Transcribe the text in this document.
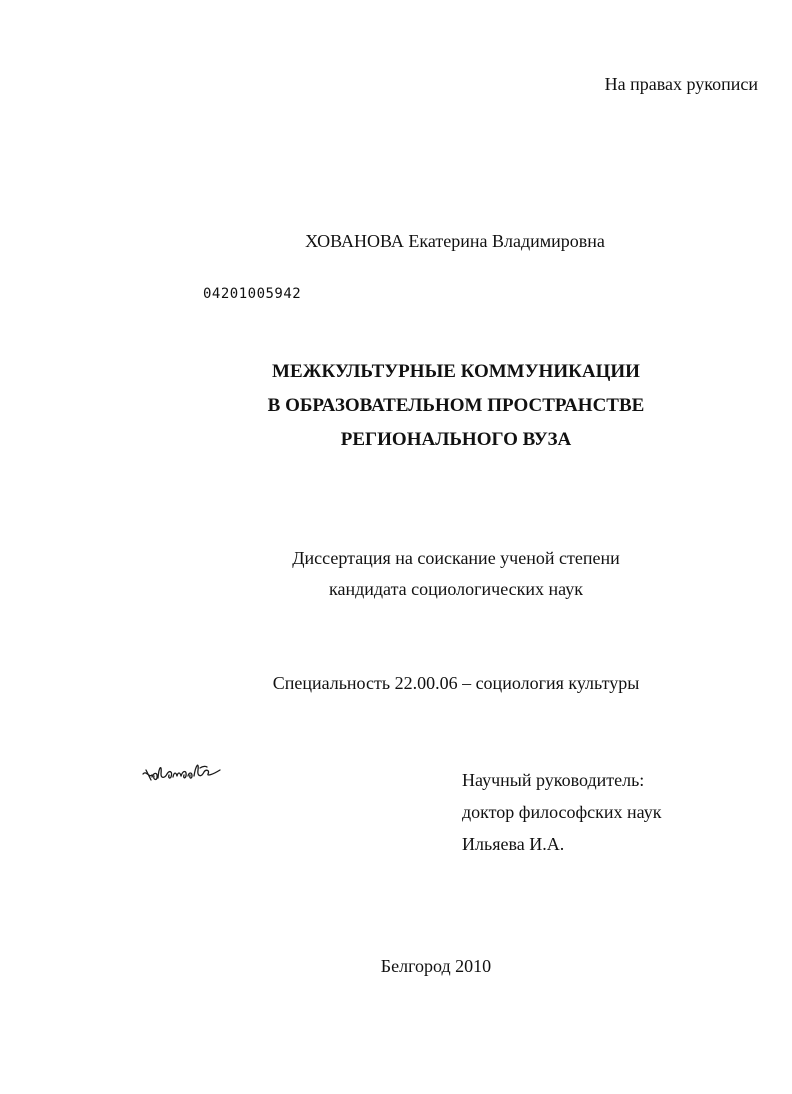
На правах рукописи

ХОВАНОВА Екатерина Владимировна

04201005942

МЕЖКУЛЬТУРНЫЕ КОММУНИКАЦИИ
В ОБРАЗОВАТЕЛЬНОМ ПРОСТРАНСТВЕ
РЕГИОНАЛЬНОГО ВУЗА
Диссертация на соискание ученой степени
кандидата социологических наук

Специальность 22.00.06 – социология культуры

Научный руководитель:
доктор философских наук
Ильяева И.А.

Белгород 2010
